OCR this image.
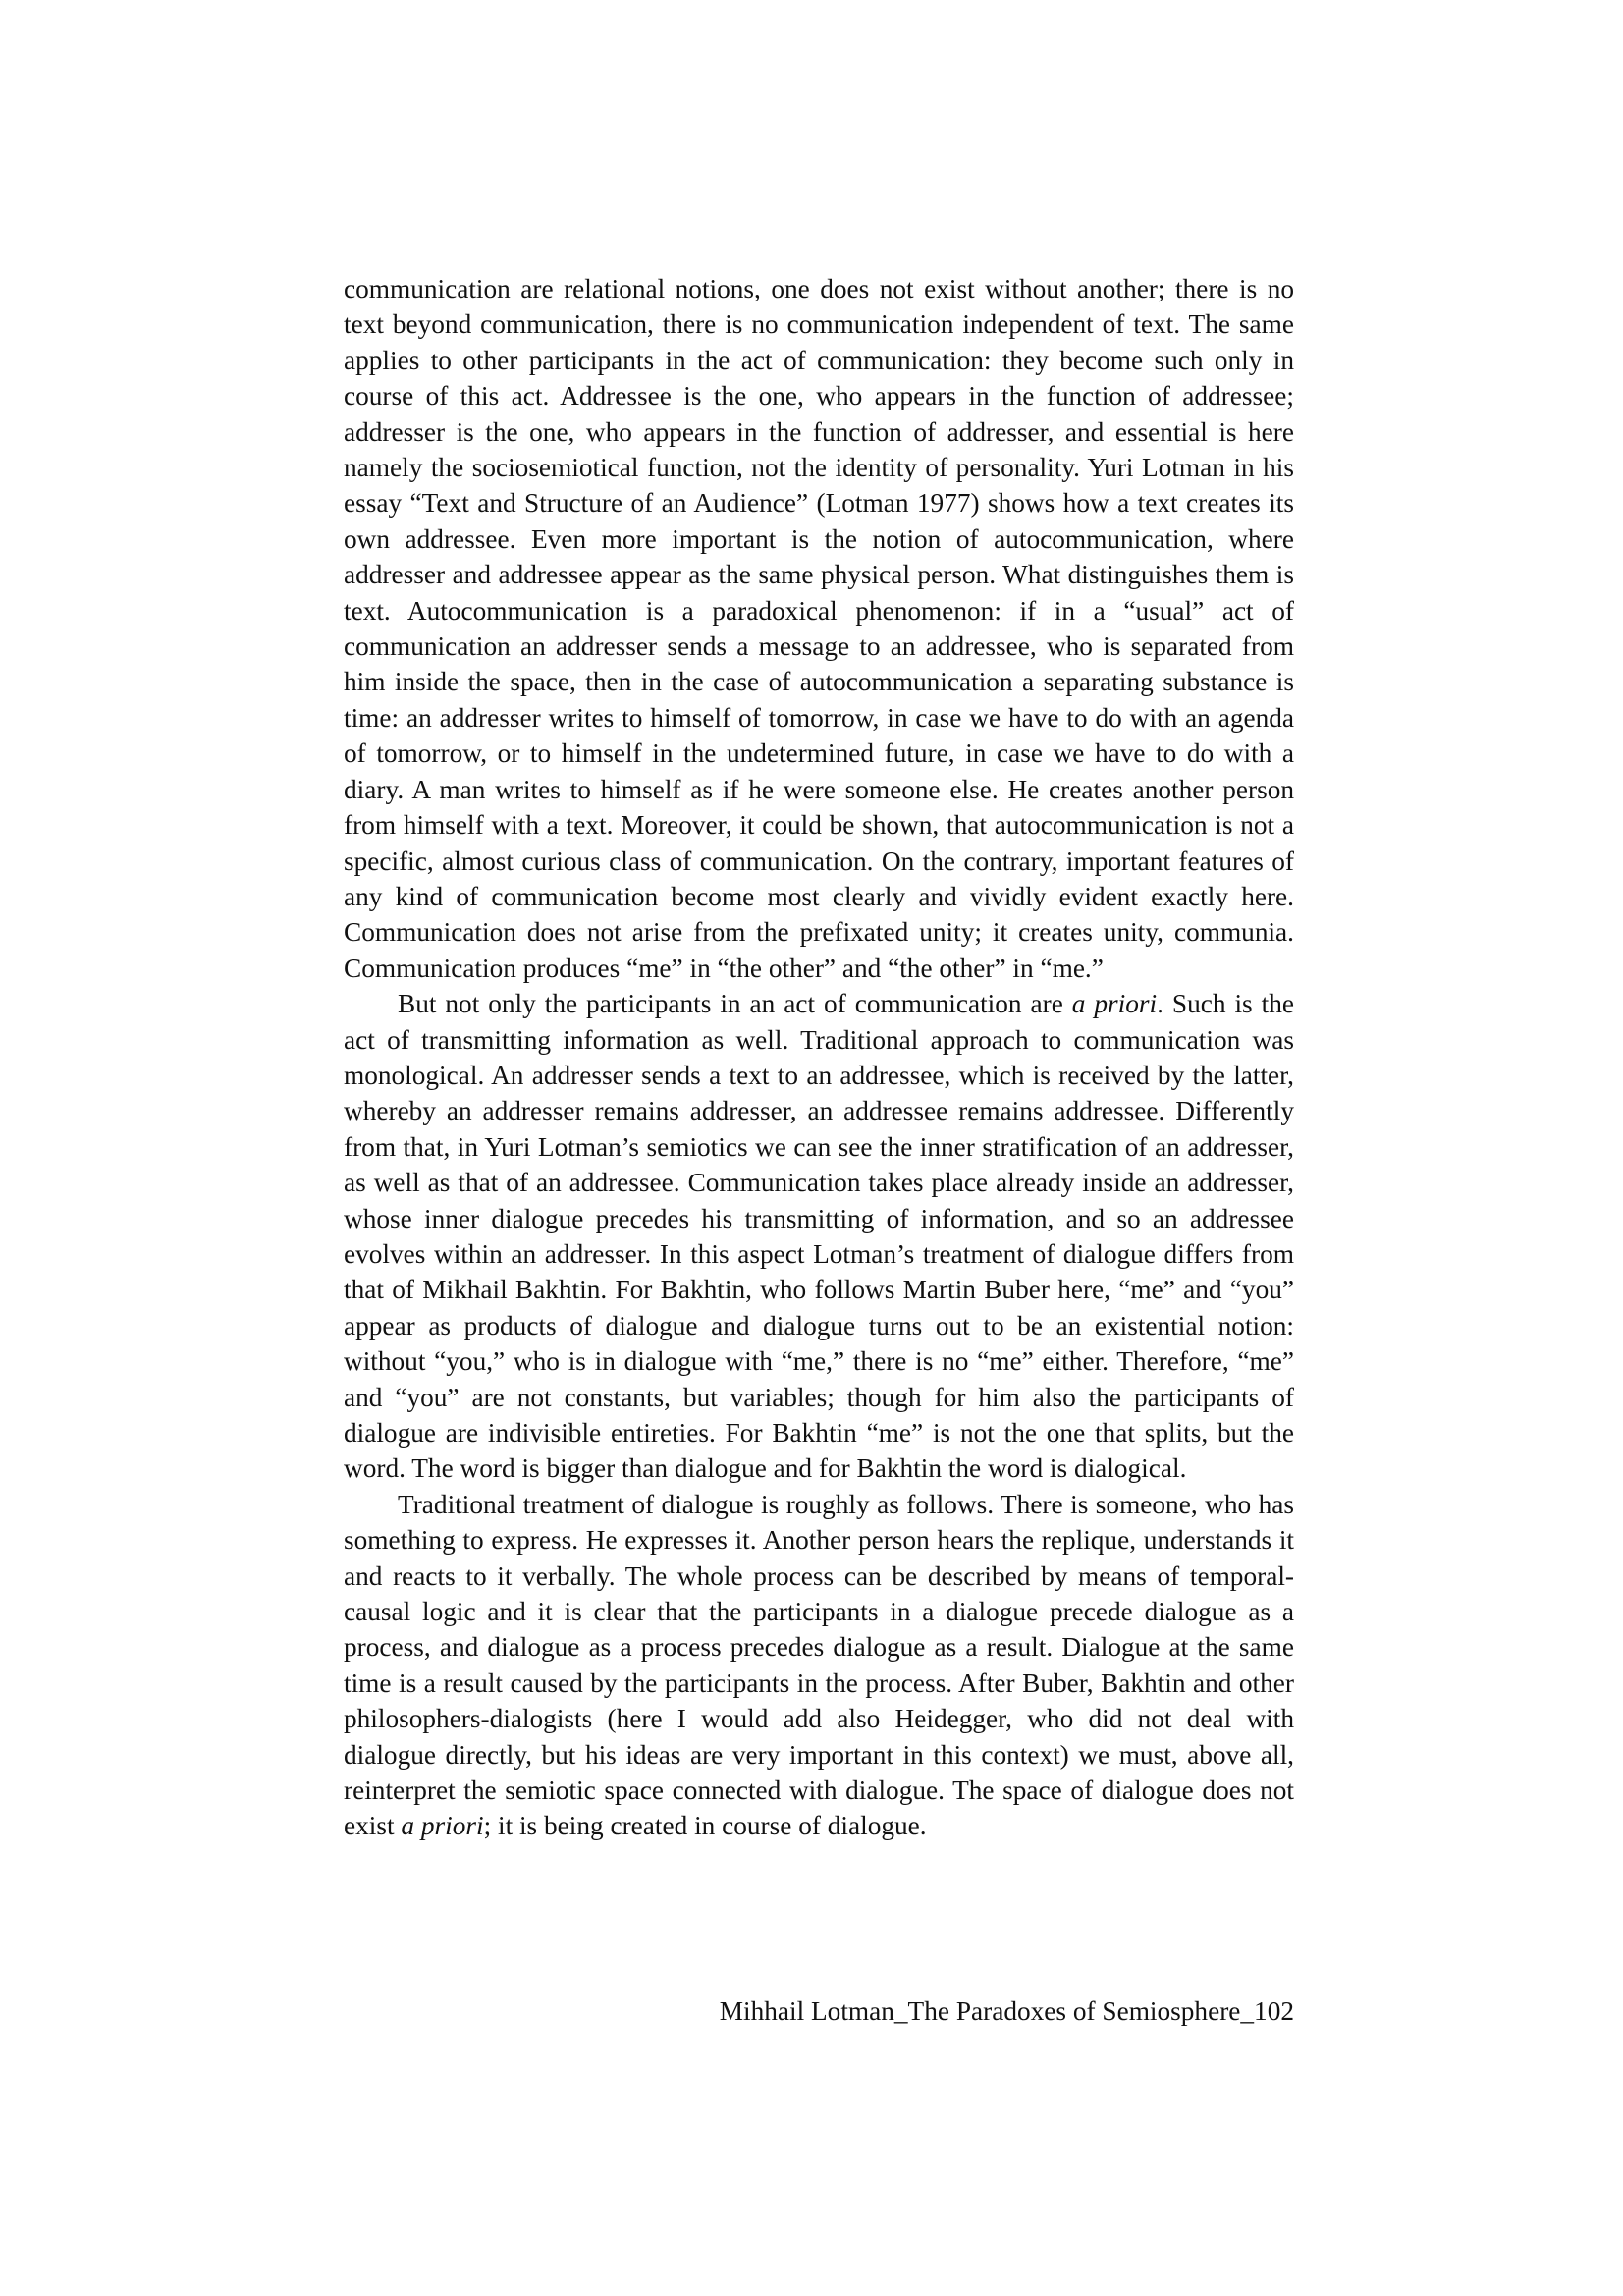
communication are relational notions, one does not exist without another; there is no text beyond communication, there is no communication independent of text. The same applies to other participants in the act of communication: they become such only in course of this act. Addressee is the one, who appears in the function of addressee; addresser is the one, who appears in the function of addresser, and essential is here namely the sociosemiotical function, not the identity of personality. Yuri Lotman in his essay “Text and Structure of an Audience” (Lotman 1977) shows how a text creates its own addressee. Even more important is the notion of autocommunication, where addresser and addressee appear as the same physical person. What distinguishes them is text. Autocommunication is a paradoxical phenomenon: if in a “usual” act of communication an addresser sends a message to an addressee, who is separated from him inside the space, then in the case of autocommunication a separating substance is time: an addresser writes to himself of tomorrow, in case we have to do with an agenda of tomorrow, or to himself in the undetermined future, in case we have to do with a diary. A man writes to himself as if he were someone else. He creates another person from himself with a text. Moreover, it could be shown, that autocommunication is not a specific, almost curious class of communication. On the contrary, important features of any kind of communication become most clearly and vividly evident exactly here. Communication does not arise from the prefixated unity; it creates unity, communia. Communication produces “me” in “the other” and “the other” in “me.”

But not only the participants in an act of communication are a priori. Such is the act of transmitting information as well. Traditional approach to communication was monological. An addresser sends a text to an addressee, which is received by the latter, whereby an addresser remains addresser, an addressee remains addressee. Differently from that, in Yuri Lotman’s semiotics we can see the inner stratification of an addresser, as well as that of an addressee. Communication takes place already inside an addresser, whose inner dialogue precedes his transmitting of information, and so an addressee evolves within an addresser. In this aspect Lotman’s treatment of dialogue differs from that of Mikhail Bakhtin. For Bakhtin, who follows Martin Buber here, “me” and “you” appear as products of dialogue and dialogue turns out to be an existential notion: without “you,” who is in dialogue with “me,” there is no “me” either. Therefore, “me” and “you” are not constants, but variables; though for him also the participants of dialogue are indivisible entireties. For Bakhtin “me” is not the one that splits, but the word. The word is bigger than dialogue and for Bakhtin the word is dialogical.

Traditional treatment of dialogue is roughly as follows. There is someone, who has something to express. He expresses it. Another person hears the replique, understands it and reacts to it verbally. The whole process can be described by means of temporal-causal logic and it is clear that the participants in a dialogue precede dialogue as a process, and dialogue as a process precedes dialogue as a result. Dialogue at the same time is a result caused by the participants in the process. After Buber, Bakhtin and other philosophers-dialogists (here I would add also Heidegger, who did not deal with dialogue directly, but his ideas are very important in this context) we must, above all, reinterpret the semiotic space connected with dialogue. The space of dialogue does not exist a priori; it is being created in course of dialogue.

Mihhail Lotman_The Paradoxes of Semiosphere_102
